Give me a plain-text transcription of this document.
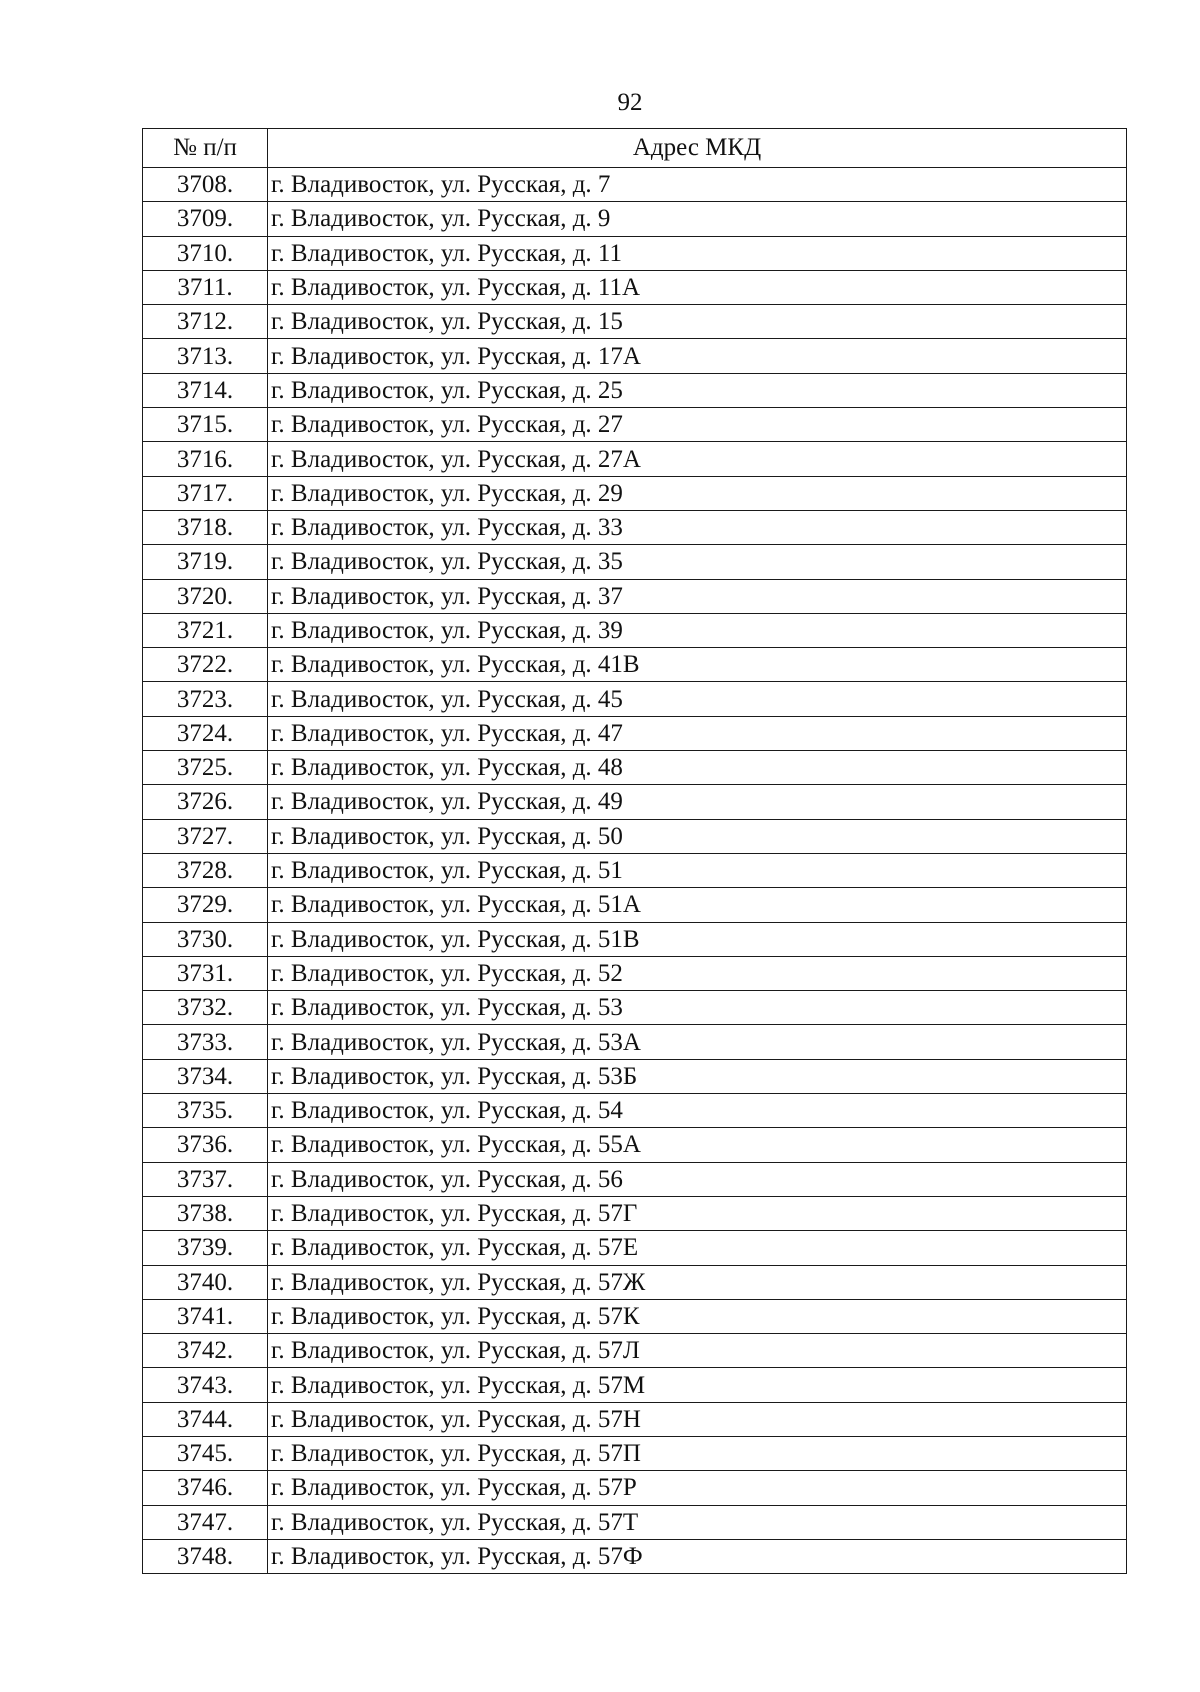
92
№ п/п	Адрес МКД
3708.	г. Владивосток, ул. Русская, д. 7
3709.	г. Владивосток, ул. Русская, д. 9
3710.	г. Владивосток, ул. Русская, д. 11
3711.	г. Владивосток, ул. Русская, д. 11А
3712.	г. Владивосток, ул. Русская, д. 15
3713.	г. Владивосток, ул. Русская, д. 17А
3714.	г. Владивосток, ул. Русская, д. 25
3715.	г. Владивосток, ул. Русская, д. 27
3716.	г. Владивосток, ул. Русская, д. 27А
3717.	г. Владивосток, ул. Русская, д. 29
3718.	г. Владивосток, ул. Русская, д. 33
3719.	г. Владивосток, ул. Русская, д. 35
3720.	г. Владивосток, ул. Русская, д. 37
3721.	г. Владивосток, ул. Русская, д. 39
3722.	г. Владивосток, ул. Русская, д. 41В
3723.	г. Владивосток, ул. Русская, д. 45
3724.	г. Владивосток, ул. Русская, д. 47
3725.	г. Владивосток, ул. Русская, д. 48
3726.	г. Владивосток, ул. Русская, д. 49
3727.	г. Владивосток, ул. Русская, д. 50
3728.	г. Владивосток, ул. Русская, д. 51
3729.	г. Владивосток, ул. Русская, д. 51А
3730.	г. Владивосток, ул. Русская, д. 51В
3731.	г. Владивосток, ул. Русская, д. 52
3732.	г. Владивосток, ул. Русская, д. 53
3733.	г. Владивосток, ул. Русская, д. 53А
3734.	г. Владивосток, ул. Русская, д. 53Б
3735.	г. Владивосток, ул. Русская, д. 54
3736.	г. Владивосток, ул. Русская, д. 55А
3737.	г. Владивосток, ул. Русская, д. 56
3738.	г. Владивосток, ул. Русская, д. 57Г
3739.	г. Владивосток, ул. Русская, д. 57Е
3740.	г. Владивосток, ул. Русская, д. 57Ж
3741.	г. Владивосток, ул. Русская, д. 57К
3742.	г. Владивосток, ул. Русская, д. 57Л
3743.	г. Владивосток, ул. Русская, д. 57М
3744.	г. Владивосток, ул. Русская, д. 57Н
3745.	г. Владивосток, ул. Русская, д. 57П
3746.	г. Владивосток, ул. Русская, д. 57Р
3747.	г. Владивосток, ул. Русская, д. 57Т
3748.	г. Владивосток, ул. Русская, д. 57Ф
